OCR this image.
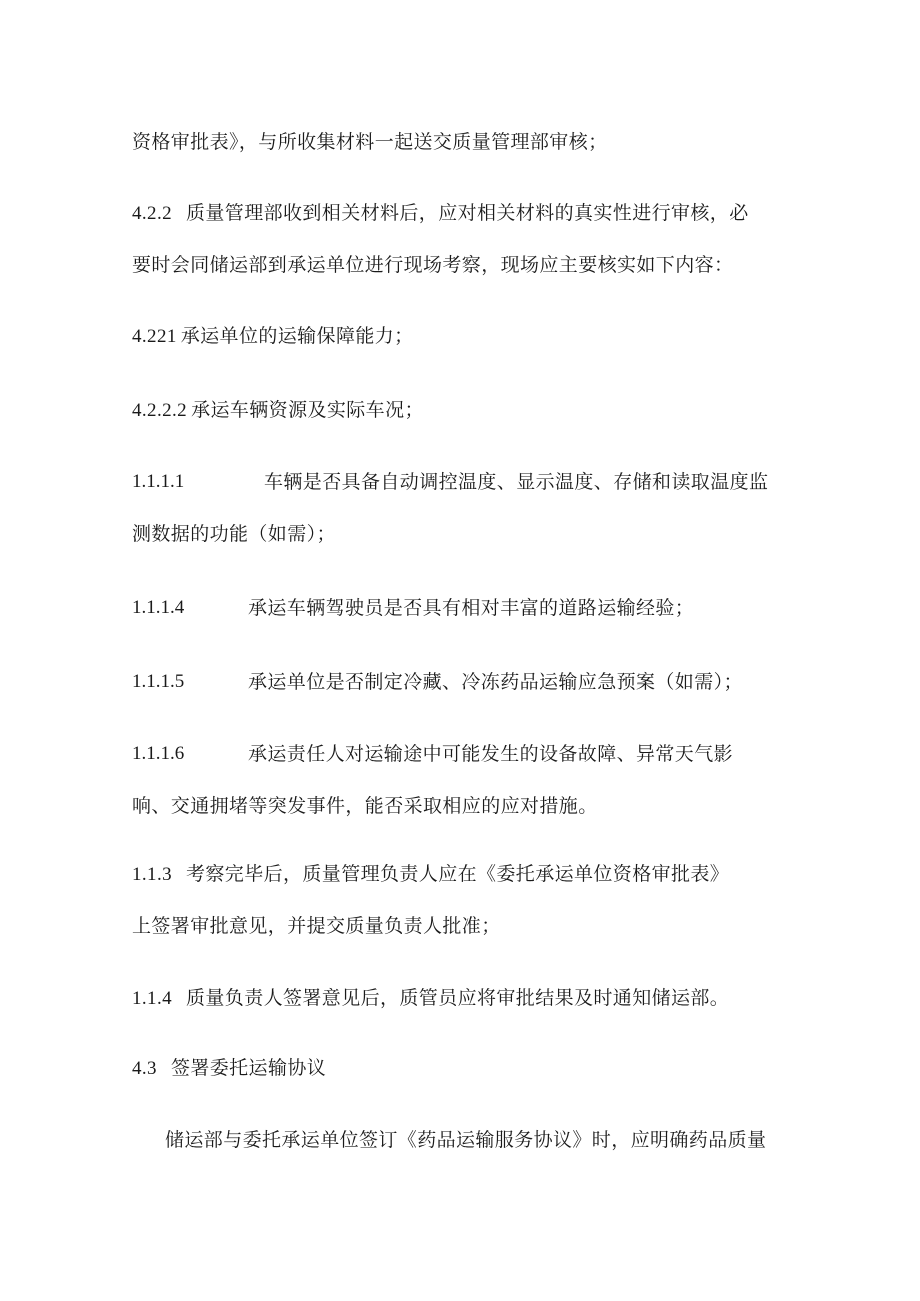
资格审批表》，与所收集材料一起送交质量管理部审核；
4.2.2 质量管理部收到相关材料后，应对相关材料的真实性进行审核，必
要时会同储运部到承运单位进行现场考察，现场应主要核实如下内容：
4.221 承运单位的运输保障能力；
4.2.2.2 承运车辆资源及实际车况；
1.1.1.1	车辆是否具备自动调控温度、显示温度、存储和读取温度监
测数据的功能（如需）；
1.1.1.4	承运车辆驾驶员是否具有相对丰富的道路运输经验；
1.1.1.5	承运单位是否制定冷藏、冷冻药品运输应急预案（如需）；
1.1.1.6	承运责任人对运输途中可能发生的设备故障、异常天气影
响、交通拥堵等突发事件，能否采取相应的应对措施。
1.1.3 考察完毕后，质量管理负责人应在《委托承运单位资格审批表》
上签署审批意见，并提交质量负责人批准；
1.1.4 质量负责人签署意见后，质管员应将审批结果及时通知储运部。
4.3 签署委托运输协议
储运部与委托承运单位签订《药品运输服务协议》时，应明确药品质量
